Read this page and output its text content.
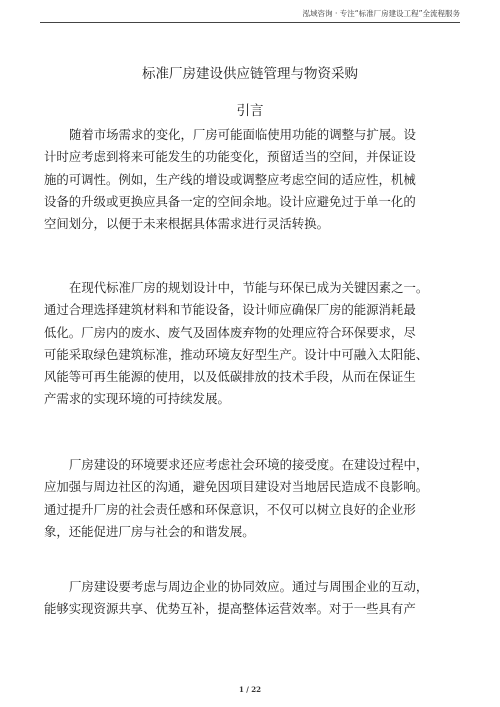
泓域咨询 · 专注“标准厂房建设工程”全流程服务
标准厂房建设供应链管理与物资采购
引言
随着市场需求的变化，厂房可能面临使用功能的调整与扩展。设
计时应考虑到将来可能发生的功能变化，预留适当的空间，并保证设
施的可调性。例如，生产线的增设或调整应考虑空间的适应性，机械
设备的升级或更换应具备一定的空间余地。设计应避免过于单一化的
空间划分，以便于未来根据具体需求进行灵活转换。
在现代标准厂房的规划设计中，节能与环保已成为关键因素之一。
通过合理选择建筑材料和节能设备，设计师应确保厂房的能源消耗最
低化。厂房内的废水、废气及固体废弃物的处理应符合环保要求，尽
可能采取绿色建筑标准，推动环境友好型生产。设计中可融入太阳能、
风能等可再生能源的使用，以及低碳排放的技术手段，从而在保证生
产需求的实现环境的可持续发展。
厂房建设的环境要求还应考虑社会环境的接受度。在建设过程中，
应加强与周边社区的沟通，避免因项目建设对当地居民造成不良影响。
通过提升厂房的社会责任感和环保意识，不仅可以树立良好的企业形
象，还能促进厂房与社会的和谐发展。
厂房建设要考虑与周边企业的协同效应。通过与周围企业的互动，
能够实现资源共享、优势互补，提高整体运营效率。对于一些具有产
1 / 22
